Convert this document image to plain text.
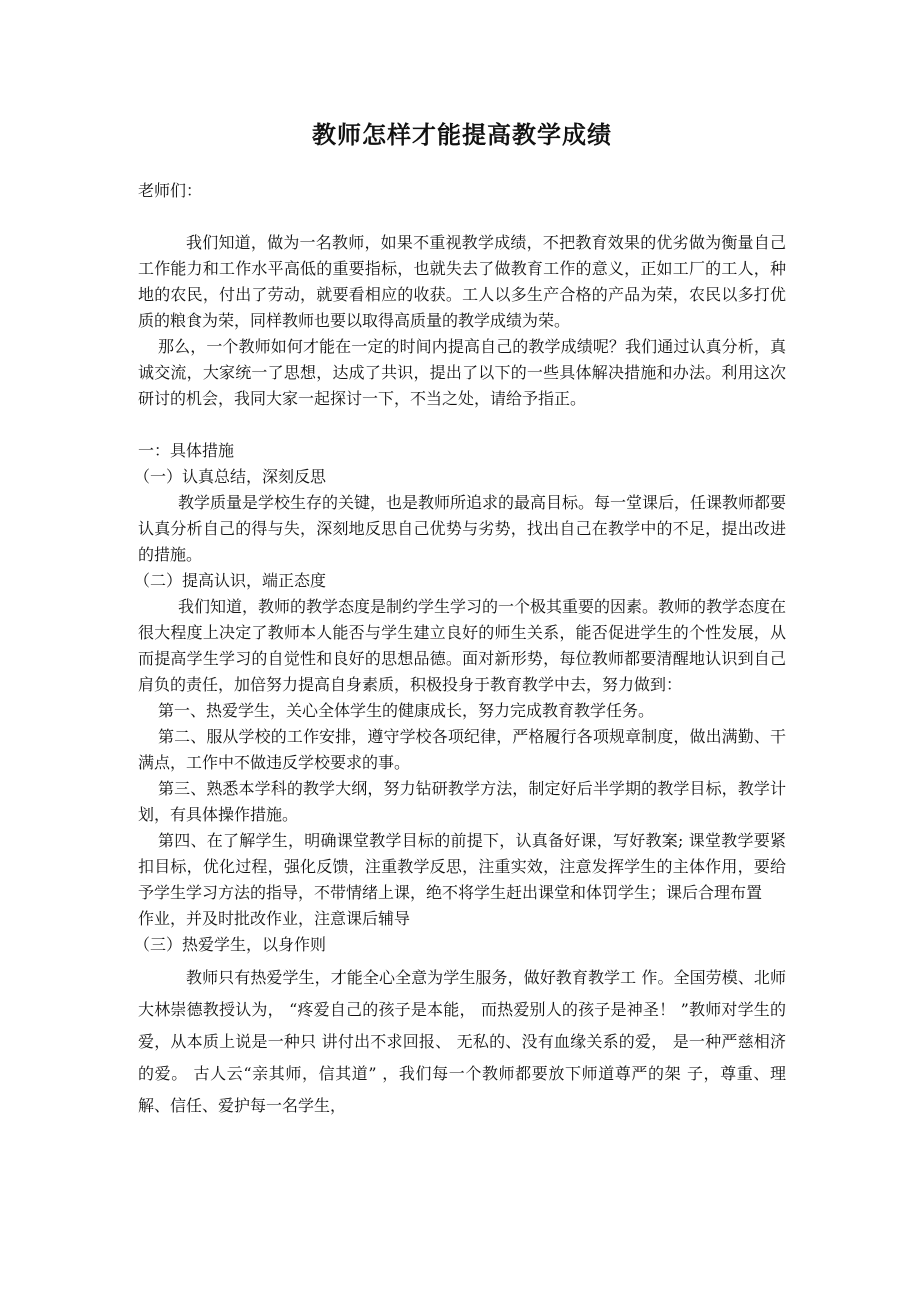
教师怎样才能提高教学成绩

老师们：

我们知道，做为一名教师，如果不重视教学成绩，不把教育效果的优劣做为衡量自己工作能力和工作水平高低的重要指标，也就失去了做教育工作的意义，正如工厂的工人，种地的农民，付出了劳动，就要看相应的收获。工人以多生产合格的产品为荣，农民以多打优质的粮食为荣，同样教师也要以取得高质量的教学成绩为荣。

那么，一个教师如何才能在一定的时间内提高自己的教学成绩呢？我们通过认真分析，真诚交流，大家统一了思想，达成了共识，提出了以下的一些具体解决措施和办法。利用这次研讨的机会，我同大家一起探讨一下，不当之处，请给予指正。

一：具体措施

（一）认真总结，深刻反思

教学质量是学校生存的关键，也是教师所追求的最高目标。每一堂课后，任课教师都要认真分析自己的得与失，深刻地反思自己优势与劣势，找出自己在教学中的不足，提出改进的措施。

（二）提高认识，端正态度

我们知道，教师的教学态度是制约学生学习的一个极其重要的因素。教师的教学态度在很大程度上决定了教师本人能否与学生建立良好的师生关系，能否促进学生的个性发展，从而提高学生学习的自觉性和良好的思想品德。面对新形势，每位教师都要清醒地认识到自己肩负的责任，加倍努力提高自身素质，积极投身于教育教学中去，努力做到：

第一、热爱学生，关心全体学生的健康成长，努力完成教育教学任务。

第二、服从学校的工作安排，遵守学校各项纪律，严格履行各项规章制度，做出满勤、干满点，工作中不做违反学校要求的事。

第三、熟悉本学科的教学大纲，努力钻研教学方法，制定好后半学期的教学目标，教学计划，有具体操作措施。

第四、在了解学生，明确课堂教学目标的前提下，认真备好课，写好教案; 课堂教学要紧扣目标，优化过程，强化反馈，注重教学反思，注重实效，注意发挥学生的主体作用，要给予学生学习方法的指导，不带情绪上课，绝不将学生赶出课堂和体罚学生；课后合理布置

作业，并及时批改作业，注意课后辅导

（三）热爱学生，以身作则

教师只有热爱学生，才能全心全意为学生服务，做好教育教学工 作。全国劳模、北师大林崇德教授认为， “疼爱自己的孩子是本能， 而热爱别人的孩子是神圣！ ”教师对学生的爱，从本质上说是一种只 讲付出不求回报、 无私的、没有血缘关系的爱， 是一种严慈相济的爱。 古人云“亲其师，信其道” ，我们每一个教师都要放下师道尊严的架 子，尊重、理解、信任、爱护每一名学生，
